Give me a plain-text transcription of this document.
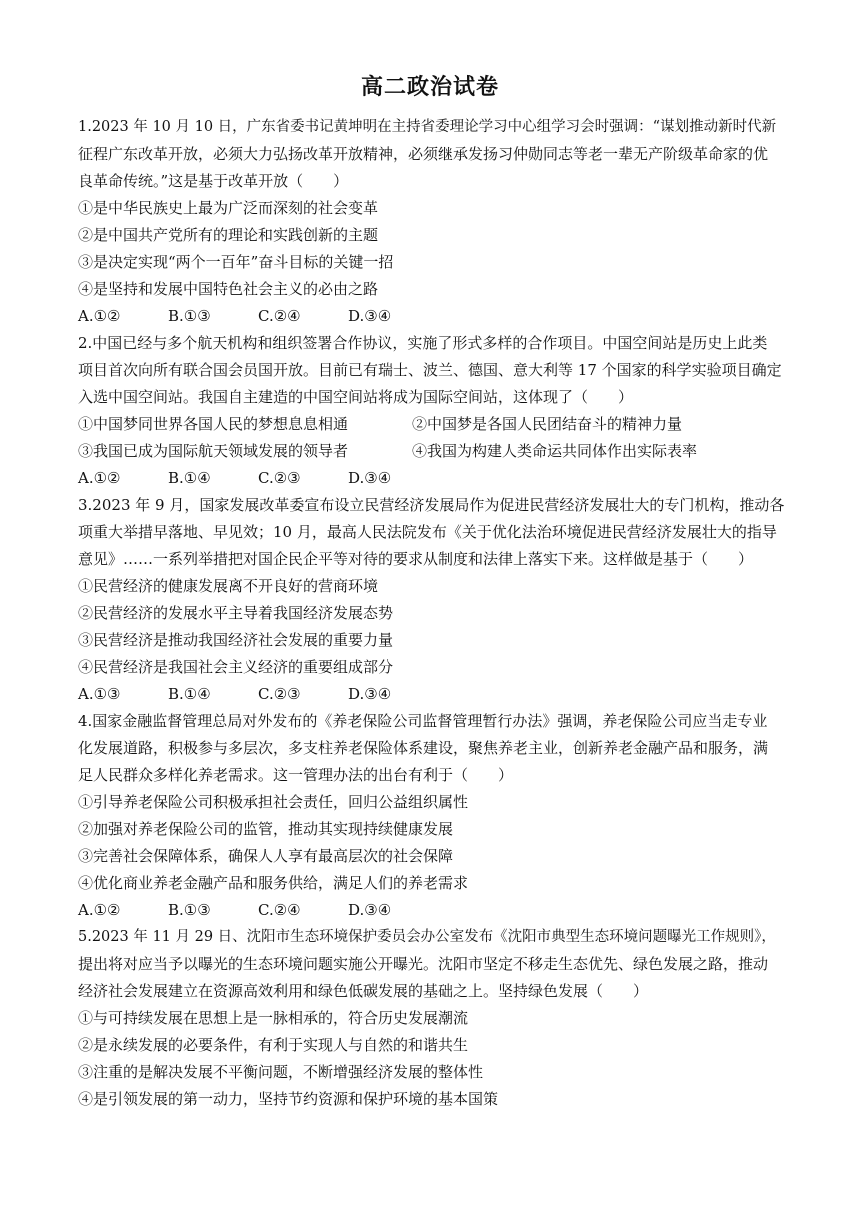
高二政治试卷
1.2023 年 10 月 10 日，广东省委书记黄坤明在主持省委理论学习中心组学习会时强调：“谋划推动新时代新
征程广东改革开放，必须大力弘扬改革开放精神，必须继承发扬习仲勋同志等老一辈无产阶级革命家的优
良革命传统。”这是基于改革开放（　　）
①是中华民族史上最为广泛而深刻的社会变革
②是中国共产党所有的理论和实践创新的主题
③是决定实现“两个一百年”奋斗目标的关键一招
④是坚持和发展中国特色社会主义的必由之路
A.①②	B.①③	C.②④	D.③④
2.中国已经与多个航天机构和组织签署合作协议，实施了形式多样的合作项目。中国空间站是历史上此类
项目首次向所有联合国会员国开放。目前已有瑞士、波兰、德国、意大利等 17 个国家的科学实验项目确定
入选中国空间站。我国自主建造的中国空间站将成为国际空间站，这体现了（　　）
①中国梦同世界各国人民的梦想息息相通	②中国梦是各国人民团结奋斗的精神力量
③我国已成为国际航天领域发展的领导者	④我国为构建人类命运共同体作出实际表率
A.①②	B.①④	C.②③	D.③④
3.2023 年 9 月，国家发展改革委宣布设立民营经济发展局作为促进民营经济发展壮大的专门机构，推动各
项重大举措早落地、早见效；10 月，最高人民法院发布《关于优化法治环境促进民营经济发展壮大的指导
意见》……一系列举措把对国企民企平等对待的要求从制度和法律上落实下来。这样做是基于（　　）
①民营经济的健康发展离不开良好的营商环境
②民营经济的发展水平主导着我国经济发展态势
③民营经济是推动我国经济社会发展的重要力量
④民营经济是我国社会主义经济的重要组成部分
A.①③	B.①④	C.②③	D.③④
4.国家金融监督管理总局对外发布的《养老保险公司监督管理暂行办法》强调，养老保险公司应当走专业
化发展道路，积极参与多层次，多支柱养老保险体系建设，聚焦养老主业，创新养老金融产品和服务，满
足人民群众多样化养老需求。这一管理办法的出台有利于（　　）
①引导养老保险公司积极承担社会责任，回归公益组织属性
②加强对养老保险公司的监管，推动其实现持续健康发展
③完善社会保障体系，确保人人享有最高层次的社会保障
④优化商业养老金融产品和服务供给，满足人们的养老需求
A.①②	B.①③	C.②④	D.③④
5.2023 年 11 月 29 日、沈阳市生态环境保护委员会办公室发布《沈阳市典型生态环境问题曝光工作规则》，
提出将对应当予以曝光的生态环境问题实施公开曝光。沈阳市坚定不移走生态优先、绿色发展之路，推动
经济社会发展建立在资源高效利用和绿色低碳发展的基础之上。坚持绿色发展（　　）
①与可持续发展在思想上是一脉相承的，符合历史发展潮流
②是永续发展的必要条件，有利于实现人与自然的和谐共生
③注重的是解决发展不平衡问题，不断增强经济发展的整体性
④是引领发展的第一动力，坚持节约资源和保护环境的基本国策
